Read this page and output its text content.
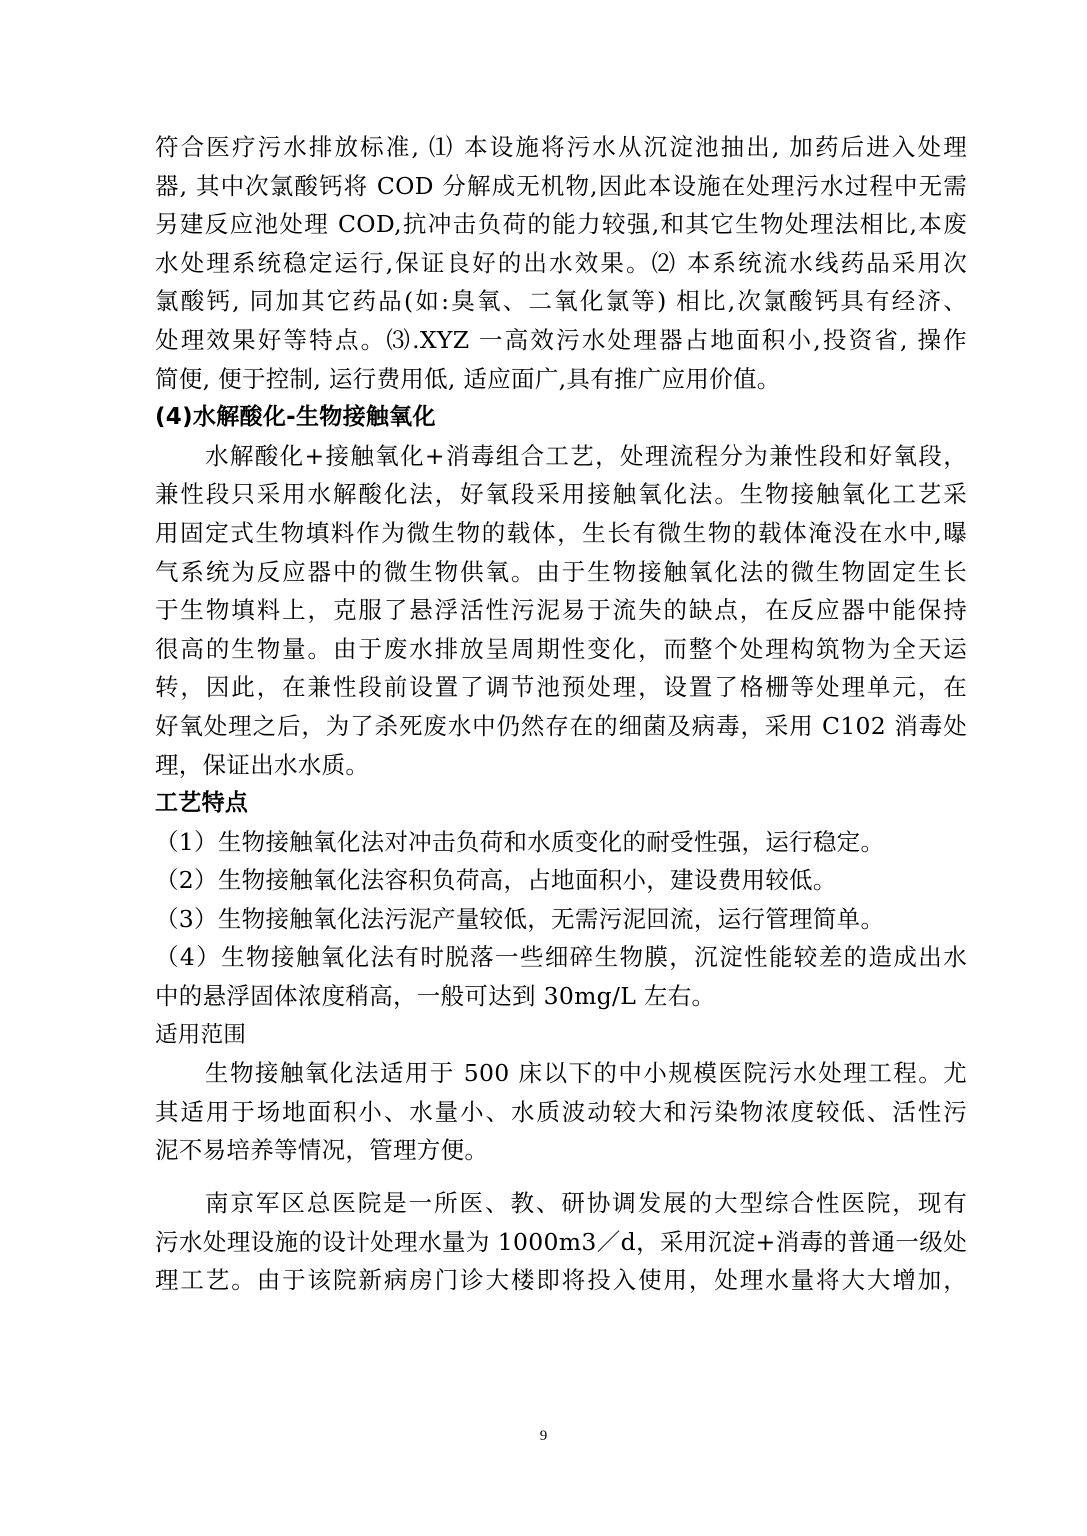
符合医疗污水排放标准, ⑴ 本设施将污水从沉淀池抽出, 加药后进入处理
器, 其中次氯酸钙将 COD 分解成无机物,因此本设施在处理污水过程中无需
另建反应池处理 COD,抗冲击负荷的能力较强,和其它生物处理法相比,本废
水处理系统稳定运行,保证良好的出水效果。⑵ 本系统流水线药品采用次
氯酸钙, 同加其它药品(如:臭氧、二氧化氯等) 相比,次氯酸钙具有经济、
处理效果好等特点。⑶.XYZ 一高效污水处理器占地面积小,投资省, 操作
简便, 便于控制, 运行费用低, 适应面广,具有推广应用价值。
(4)水解酸化-生物接触氧化
水解酸化+接触氧化+消毒组合工艺，处理流程分为兼性段和好氧段，
兼性段只采用水解酸化法，好氧段采用接触氧化法。生物接触氧化工艺采
用固定式生物填料作为微生物的载体，生长有微生物的载体淹没在水中,曝
气系统为反应器中的微生物供氧。由于生物接触氧化法的微生物固定生长
于生物填料上，克服了悬浮活性污泥易于流失的缺点，在反应器中能保持
很高的生物量。由于废水排放呈周期性变化，而整个处理构筑物为全天运
转，因此，在兼性段前设置了调节池预处理，设置了格栅等处理单元，在
好氧处理之后，为了杀死废水中仍然存在的细菌及病毒，采用 C102 消毒处
理，保证出水水质。
工艺特点
（1）生物接触氧化法对冲击负荷和水质变化的耐受性强，运行稳定。
（2）生物接触氧化法容积负荷高，占地面积小，建设费用较低。
（3）生物接触氧化法污泥产量较低，无需污泥回流，运行管理简单。
（4）生物接触氧化法有时脱落一些细碎生物膜，沉淀性能较差的造成出水
中的悬浮固体浓度稍高，一般可达到 30mg/L 左右。
适用范围
生物接触氧化法适用于 500 床以下的中小规模医院污水处理工程。尤
其适用于场地面积小、水量小、水质波动较大和污染物浓度较低、活性污
泥不易培养等情况，管理方便。
南京军区总医院是一所医、教、研协调发展的大型综合性医院，现有
污水处理设施的设计处理水量为 1000m3／d，采用沉淀+消毒的普通一级处
理工艺。由于该院新病房门诊大楼即将投入使用，处理水量将大大增加，
9
